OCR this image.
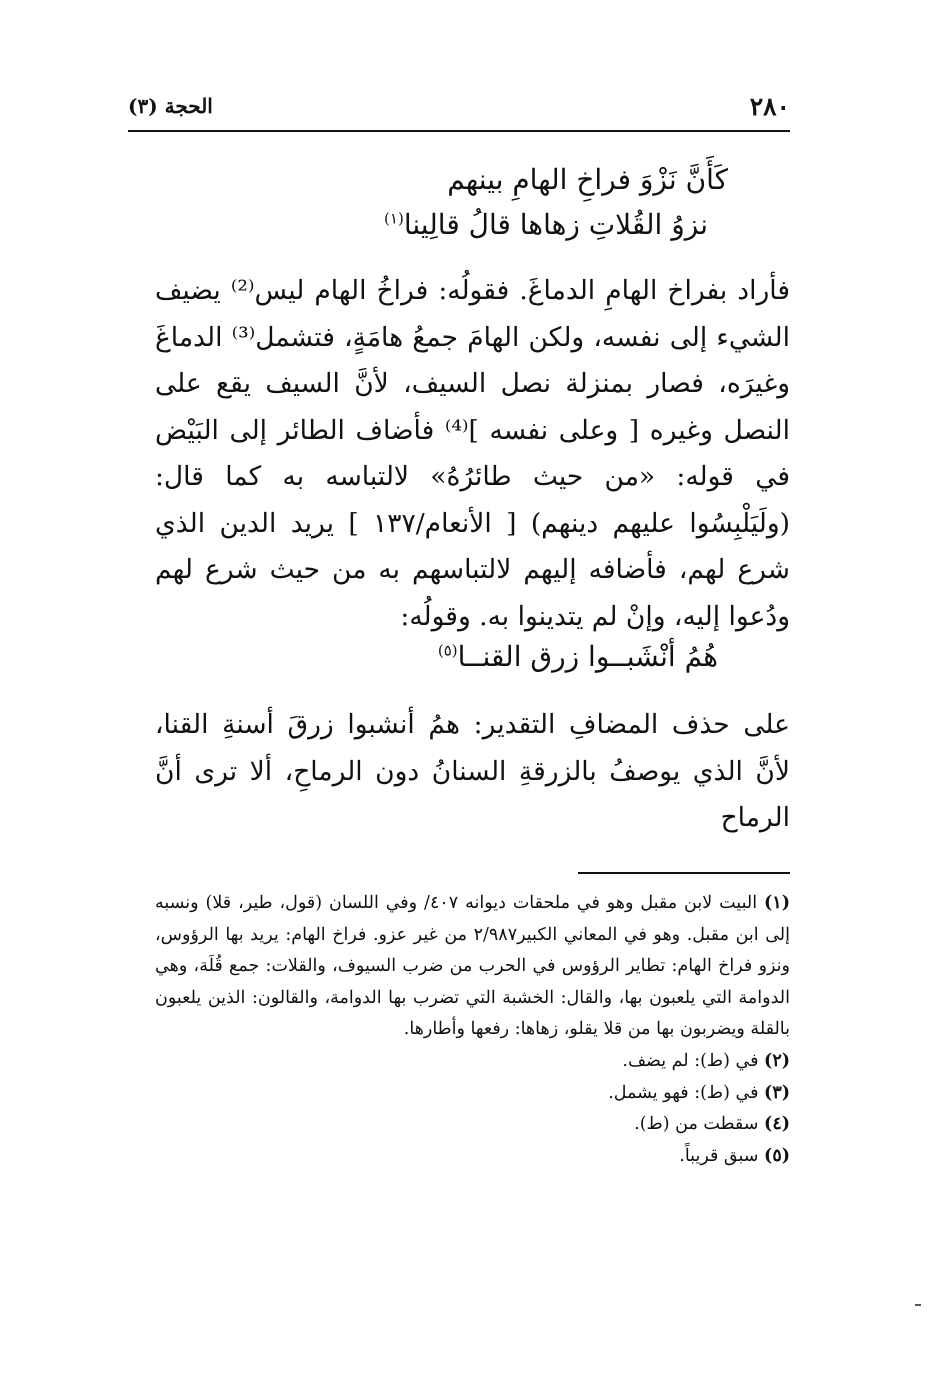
٢٨٠
الحجة (٣)
كَأَنَّ نَزْوَ فراخِ الهامِ بينهم
نزوُ القُلاتِ زهاها قالُ قالِينا$^{(١)}$

فأراد بفراخ الهامِ الدماغَ. فقولُه: فراخُ الهام ليس⁽²⁾ يضيف الشيء إلى نفسه، ولكن الهامَ جمعُ هامَةٍ، فتشمل⁽³⁾ الدماغَ وغيرَه، فصار بمنزلة نصل السيف، لأنَّ السيف يقع على النصل وغيره [ وعلى نفسه ]⁽⁴⁾ فأضاف الطائر إلى البَيْض في قوله: «من حيث طائرُهُ» لالتباسه به كما قال: (ولَيَلْبِسُوا عليهم دينهم) [ الأنعام/١٣٧ ] يريد الدين الذي شرع لهم، فأضافه إليهم لالتباسهم به من حيث شرع لهم ودُعوا إليه، وإنْ لم يتدينوا به. وقولُه:

هُمُ أنْشَبــوا زرق القنــا$^{(٥)}$

على حذف المضافِ التقدير: همُ أنشبوا زرقَ أسنةِ القنا، لأنَّ الذي يوصفُ بالزرقةِ السنانُ دون الرماحِ، ألا ترى أنَّ الرماح

(١) البيت لابن مقبل وهو في ملحقات ديوانه ٤٠٧/ وفي اللسان (قول، طير، قلا) ونسبه إلى ابن مقبل. وهو في المعاني الكبير٢/٩٨٧ من غير عزو. فراخ الهام: يريد بها الرؤوس، ونزو فراخ الهام: تطاير الرؤوس في الحرب من ضرب السيوف، والقلات: جمع قُلَة، وهي الدوامة التي يلعبون بها، والقال: الخشبة التي تضرب بها الدوامة، والقالون: الذين يلعبون بالقلة ويضربون بها من قلا يقلو، زهاها: رفعها وأطارها.

(٢) في (ط): لم يضف.

(٣) في (ط): فهو يشمل.

(٤) سقطت من (ط).

(٥) سبق قريباً.
